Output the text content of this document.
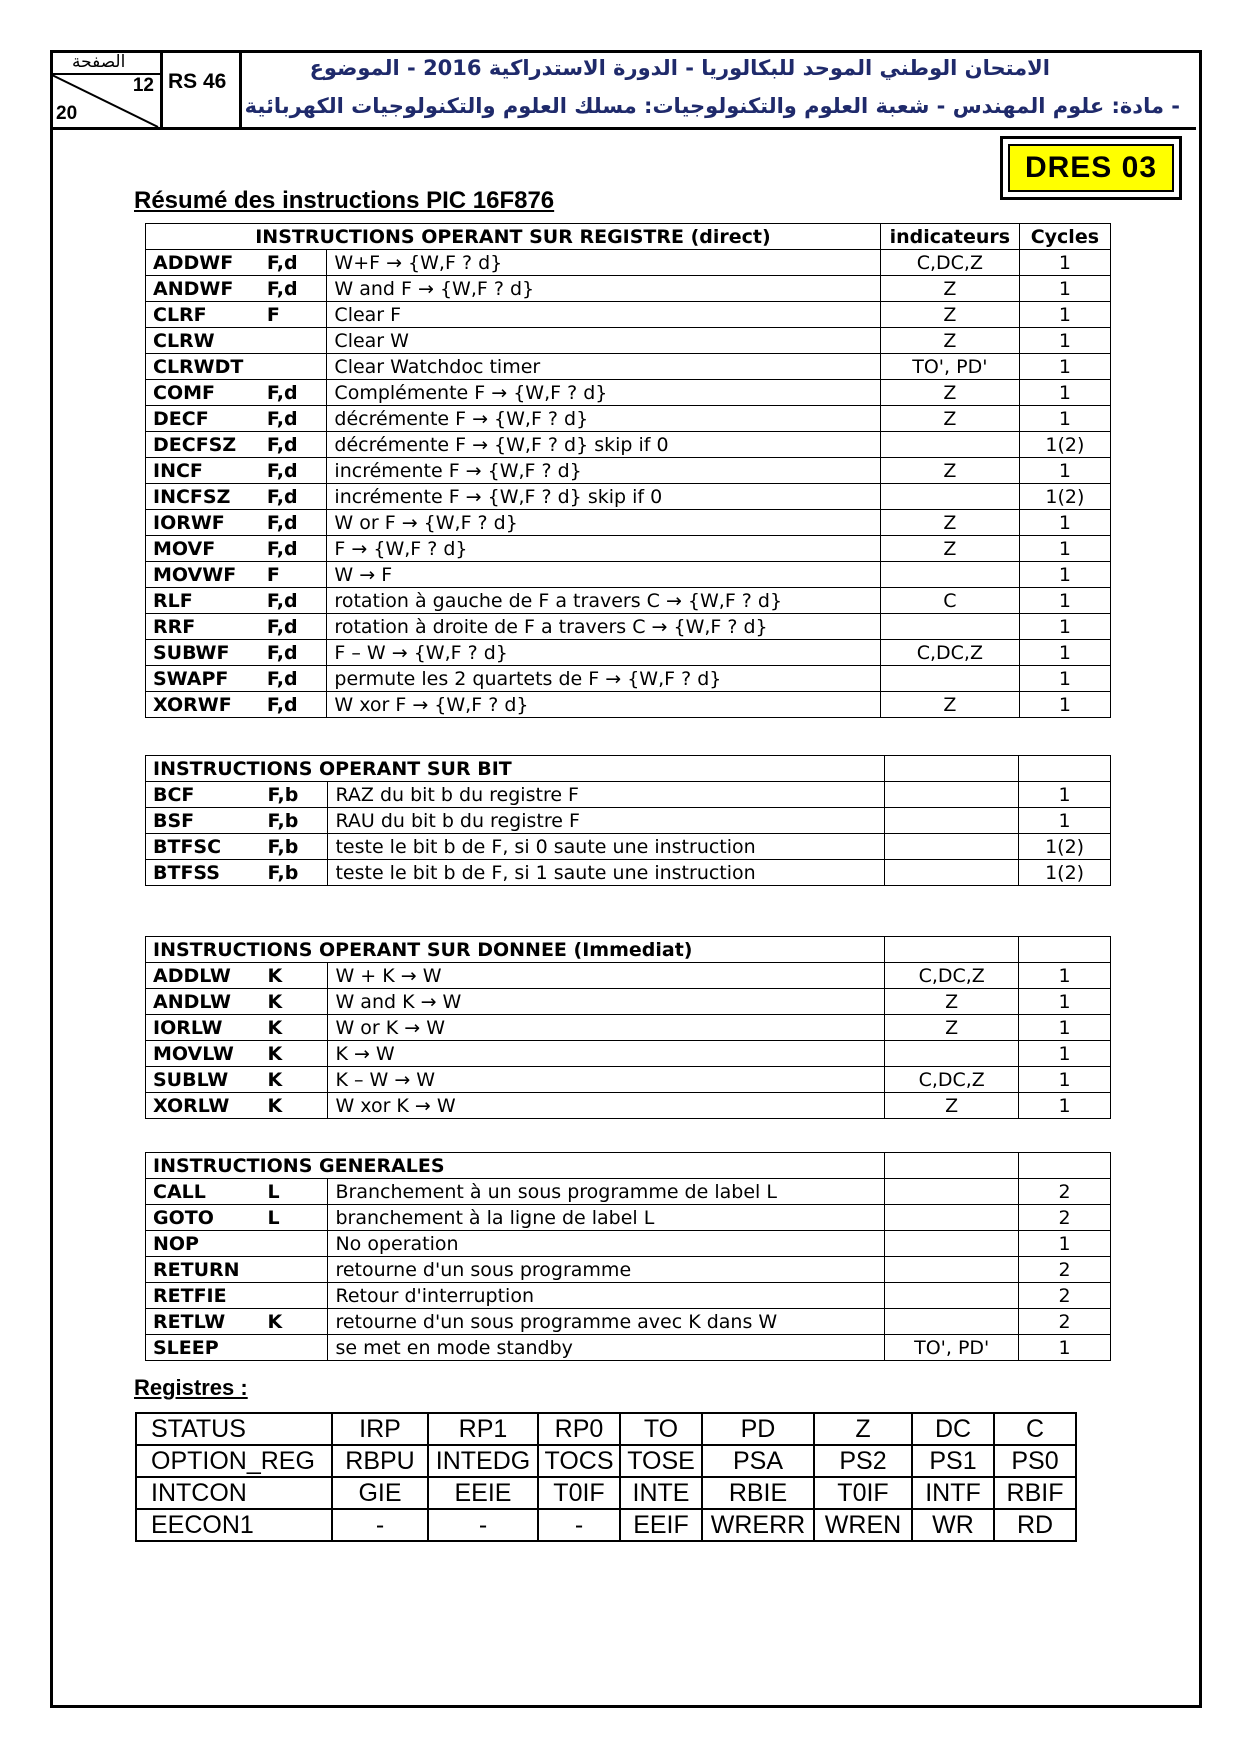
الصفحة
12
20
RS 46
الامتحان الوطني الموحد للبكالوريا - الدورة الاستدراكية 2016 - الموضوع
- مادة: علوم المهندس - شعبة العلوم والتكنولوجيات: مسلك العلوم والتكنولوجيات الكهربائية
DRES 03
Résumé des instructions PIC 16F876
INSTRUCTIONS OPERANT SUR REGISTRE (direct)			indicateurs	Cycles
ADDWF	F,d	W+F → {W,F ? d}	C,DC,Z	1
ANDWF	F,d	W and F → {W,F ? d}	Z	1
CLRF	F	Clear F	Z	1
CLRW		Clear W	Z	1
CLRWDT		Clear Watchdoc timer	TO', PD'	1
COMF	F,d	Complémente F → {W,F ? d}	Z	1
DECF	F,d	décrémente F → {W,F ? d}	Z	1
DECFSZ	F,d	décrémente F → {W,F ? d} skip if 0		1(2)
INCF	F,d	incrémente F → {W,F ? d}	Z	1
INCFSZ	F,d	incrémente F → {W,F ? d} skip if 0		1(2)
IORWF	F,d	W or F → {W,F ? d}	Z	1
MOVF	F,d	F → {W,F ? d}	Z	1
MOVWF	F	W → F		1
RLF	F,d	rotation à gauche de F a travers C → {W,F ? d}	C	1
RRF	F,d	rotation à droite de F a travers C → {W,F ? d}		1
SUBWF	F,d	F – W → {W,F ? d}	C,DC,Z	1
SWAPF	F,d	permute les 2 quartets de F → {W,F ? d}		1
XORWF	F,d	W xor F → {W,F ? d}	Z	1
INSTRUCTIONS OPERANT SUR BIT				
BCF	F,b	RAZ du bit b du registre F		1
BSF	F,b	RAU du bit b du registre F		1
BTFSC	F,b	teste le bit b de F, si 0 saute une instruction		1(2)
BTFSS	F,b	teste le bit b de F, si 1 saute une instruction		1(2)
INSTRUCTIONS OPERANT SUR DONNEE (Immediat)				
ADDLW	K	W + K → W	C,DC,Z	1
ANDLW	K	W and K → W	Z	1
IORLW	K	W or K → W	Z	1
MOVLW	K	K → W		1
SUBLW	K	K – W → W	C,DC,Z	1
XORLW	K	W xor K → W	Z	1
INSTRUCTIONS GENERALES				
CALL	L	Branchement à un sous programme de label L		2
GOTO	L	branchement à la ligne de label L		2
NOP		No operation		1
RETURN		retourne d'un sous programme		2
RETFIE		Retour d'interruption		2
RETLW	K	retourne d'un sous programme avec K dans W		2
SLEEP		se met en mode standby	TO', PD'	1
Registres :
STATUS	IRP	RP1	RP0	TO	PD	Z	DC	C
OPTION_REG	RBPU	INTEDG	TOCS	TOSE	PSA	PS2	PS1	PS0
INTCON	GIE	EEIE	T0IF	INTE	RBIE	T0IF	INTF	RBIF
EECON1	-	-	-	EEIF	WRERR	WREN	WR	RD
